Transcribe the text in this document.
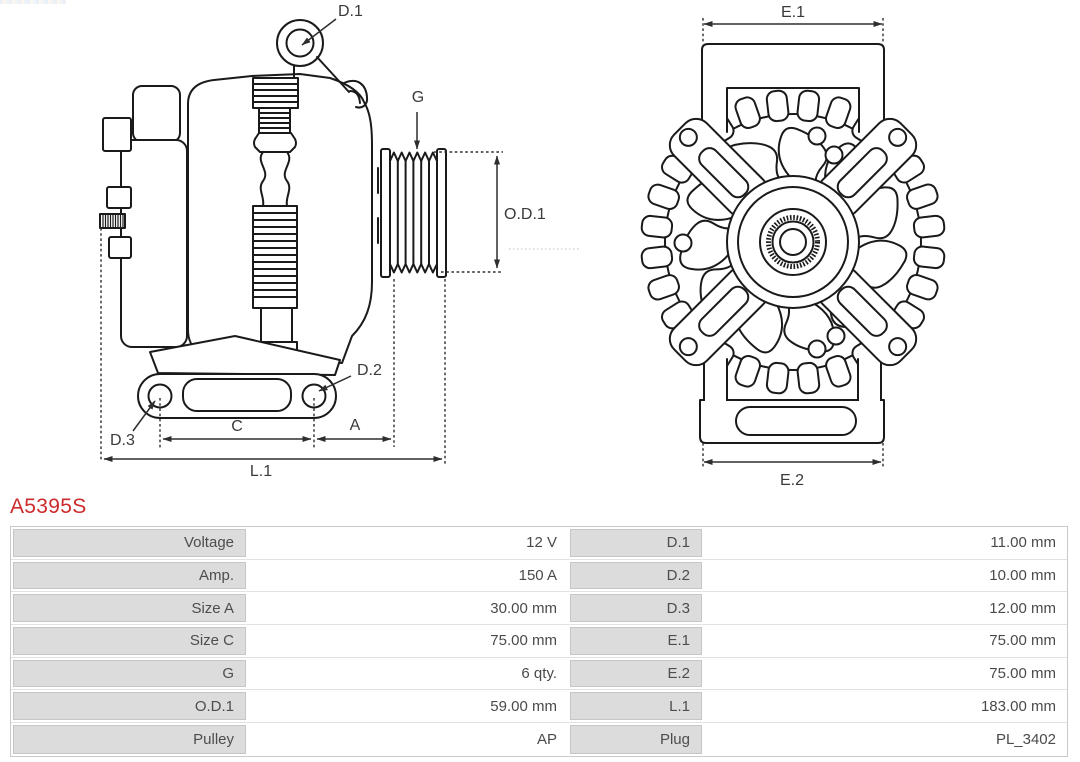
D.1
G
O.D.1
D.2
D.3
C	A
L.1
E.1
E.2
A5395S
Voltage	12 V	D.1	11.00 mm
Amp.	150 A	D.2	10.00 mm
Size A	30.00 mm	D.3	12.00 mm
Size C	75.00 mm	E.1	75.00 mm
G	6 qty.	E.2	75.00 mm
O.D.1	59.00 mm	L.1	183.00 mm
Pulley	AP	Plug	PL_3402
